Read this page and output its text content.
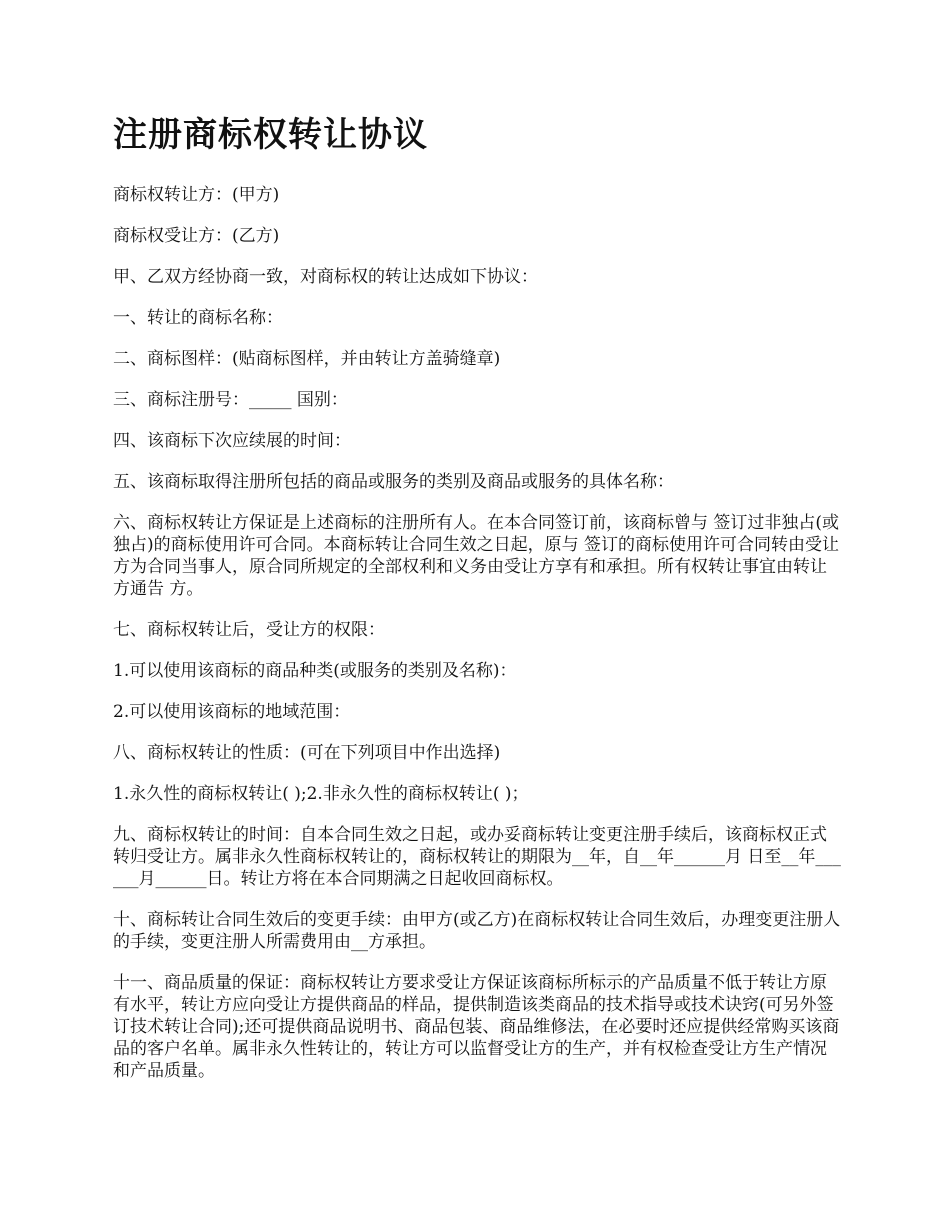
注册商标权转让协议

商标权转让方：(甲方)

商标权受让方：(乙方)

甲、乙双方经协商一致，对商标权的转让达成如下协议：

一、转让的商标名称：

二、商标图样：(贴商标图样，并由转让方盖骑缝章)

三、商标注册号：_____ 国别：

四、该商标下次应续展的时间：

五、该商标取得注册所包括的商品或服务的类别及商品或服务的具体名称：

六、商标权转让方保证是上述商标的注册所有人。在本合同签订前，该商标曾与 签订过非独占(或独占)的商标使用许可合同。本商标转让合同生效之日起，原与 签订的商标使用许可合同转由受让方为合同当事人，原合同所规定的全部权利和义务由受让方享有和承担。所有权转让事宜由转让方通告 方。

七、商标权转让后，受让方的权限：

1.可以使用该商标的商品种类(或服务的类别及名称)：

2.可以使用该商标的地域范围：

八、商标权转让的性质：(可在下列项目中作出选择)

1.永久性的商标权转让( );2.非永久性的商标权转让( )；

九、商标权转让的时间：自本合同生效之日起，或办妥商标转让变更注册手续后，该商标权正式转归受让方。属非永久性商标权转让的，商标权转让的期限为__年，自__年______月 日至__年______月______日。转让方将在本合同期满之日起收回商标权。

十、商标转让合同生效后的变更手续：由甲方(或乙方)在商标权转让合同生效后，办理变更注册人的手续，变更注册人所需费用由__方承担。

十一、商品质量的保证：商标权转让方要求受让方保证该商标所标示的产品质量不低于转让方原有水平，转让方应向受让方提供商品的样品，提供制造该类商品的技术指导或技术诀窍(可另外签订技术转让合同);还可提供商品说明书、商品包装、商品维修法，在必要时还应提供经常购买该商品的客户名单。属非永久性转让的，转让方可以监督受让方的生产，并有权检查受让方生产情况和产品质量。
